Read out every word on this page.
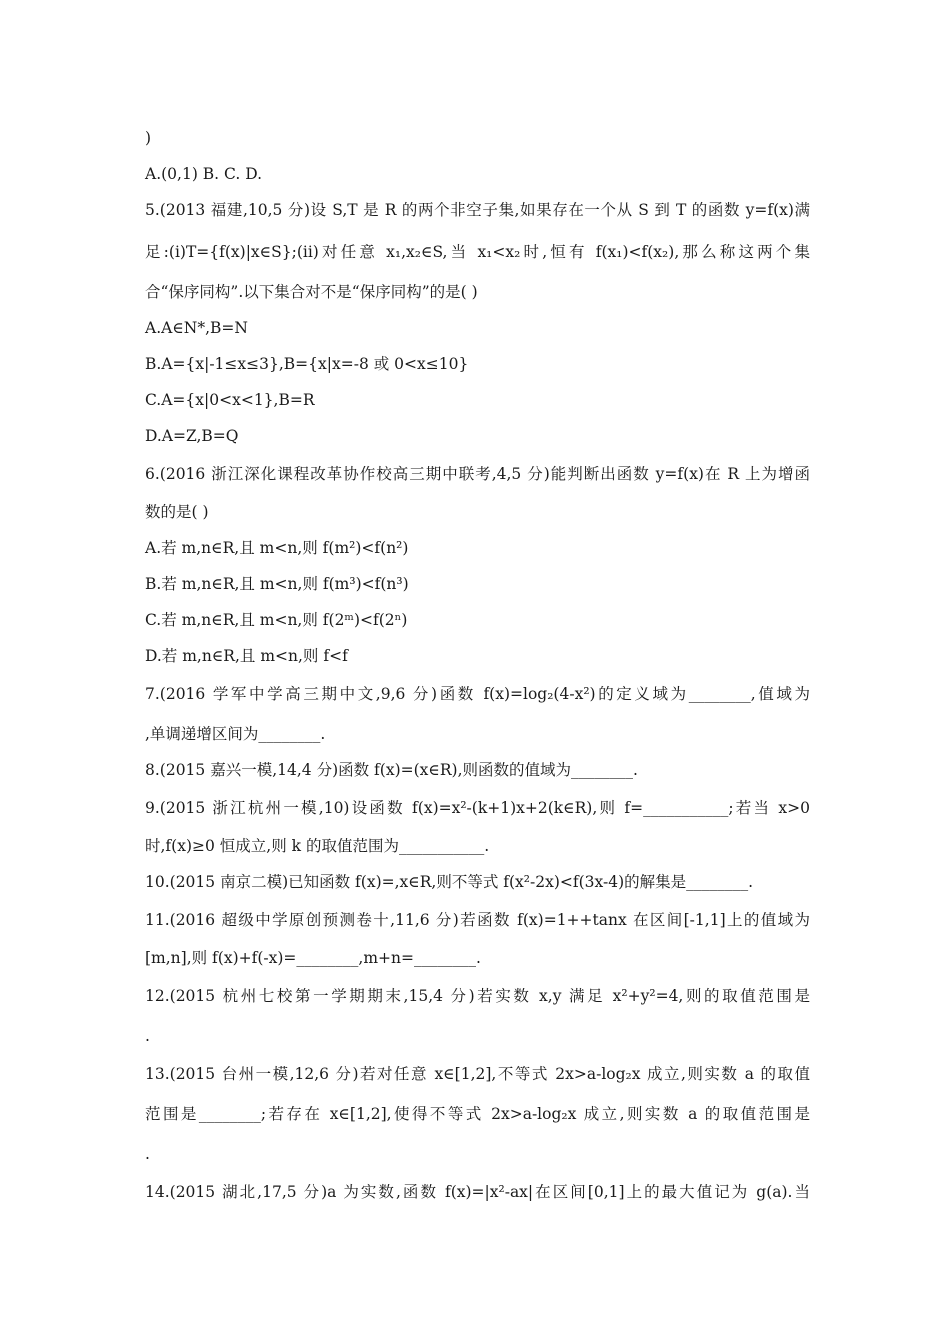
)
A.(0,1) B. C. D.
5.(2013 福建,10,5 分)设 S,T 是 R 的两个非空子集,如果存在一个从 S 到 T 的函数 y=f(x)满
足:(i)T={f(x)|x∈S};(ii)对任意 x₁,x₂∈S,当 x₁<x₂时,恒有 f(x₁)<f(x₂),那么称这两个集
合“保序同构”.以下集合对不是“保序同构”的是( )
A.A∈N*,B=N
B.A={x|-1≤x≤3},B={x|x=-8 或 0<x≤10}
C.A={x|0<x<1},B=R
D.A=Z,B=Q
6.(2016 浙江深化课程改革协作校高三期中联考,4,5 分)能判断出函数 y=f(x)在 R 上为增函
数的是( )
A.若 m,n∈R,且 m<n,则 f(m²)<f(n²)
B.若 m,n∈R,且 m<n,则 f(m³)<f(n³)
C.若 m,n∈R,且 m<n,则 f(2ᵐ)<f(2ⁿ)
D.若 m,n∈R,且 m<n,则 f<f
7.(2016 学军中学高三期中文,9,6 分)函数 f(x)=log₂(4-x²)的定义域为________,值域为
,单调递增区间为________.
8.(2015 嘉兴一模,14,4 分)函数 f(x)=(x∈R),则函数的值域为________.
9.(2015 浙江杭州一模,10)设函数 f(x)=x²-(k+1)x+2(k∈R),则 f=___________;若当 x>0
时,f(x)≥0 恒成立,则 k 的取值范围为___________.
10.(2015 南京二模)已知函数 f(x)=,x∈R,则不等式 f(x²-2x)<f(3x-4)的解集是________.
11.(2016 超级中学原创预测卷十,11,6 分)若函数 f(x)=1++tanx 在区间[-1,1]上的值域为
[m,n],则 f(x)+f(-x)=________,m+n=________.
12.(2015 杭州七校第一学期期末,15,4 分)若实数 x,y 满足 x²+y²=4,则的取值范围是
.
13.(2015 台州一模,12,6 分)若对任意 x∈[1,2],不等式 2x>a-log₂x 成立,则实数 a 的取值
范围是________;若存在 x∈[1,2],使得不等式 2x>a-log₂x 成立,则实数 a 的取值范围是
.
14.(2015 湖北,17,5 分)a 为实数,函数 f(x)=|x²-ax|在区间[0,1]上的最大值记为 g(a).当
